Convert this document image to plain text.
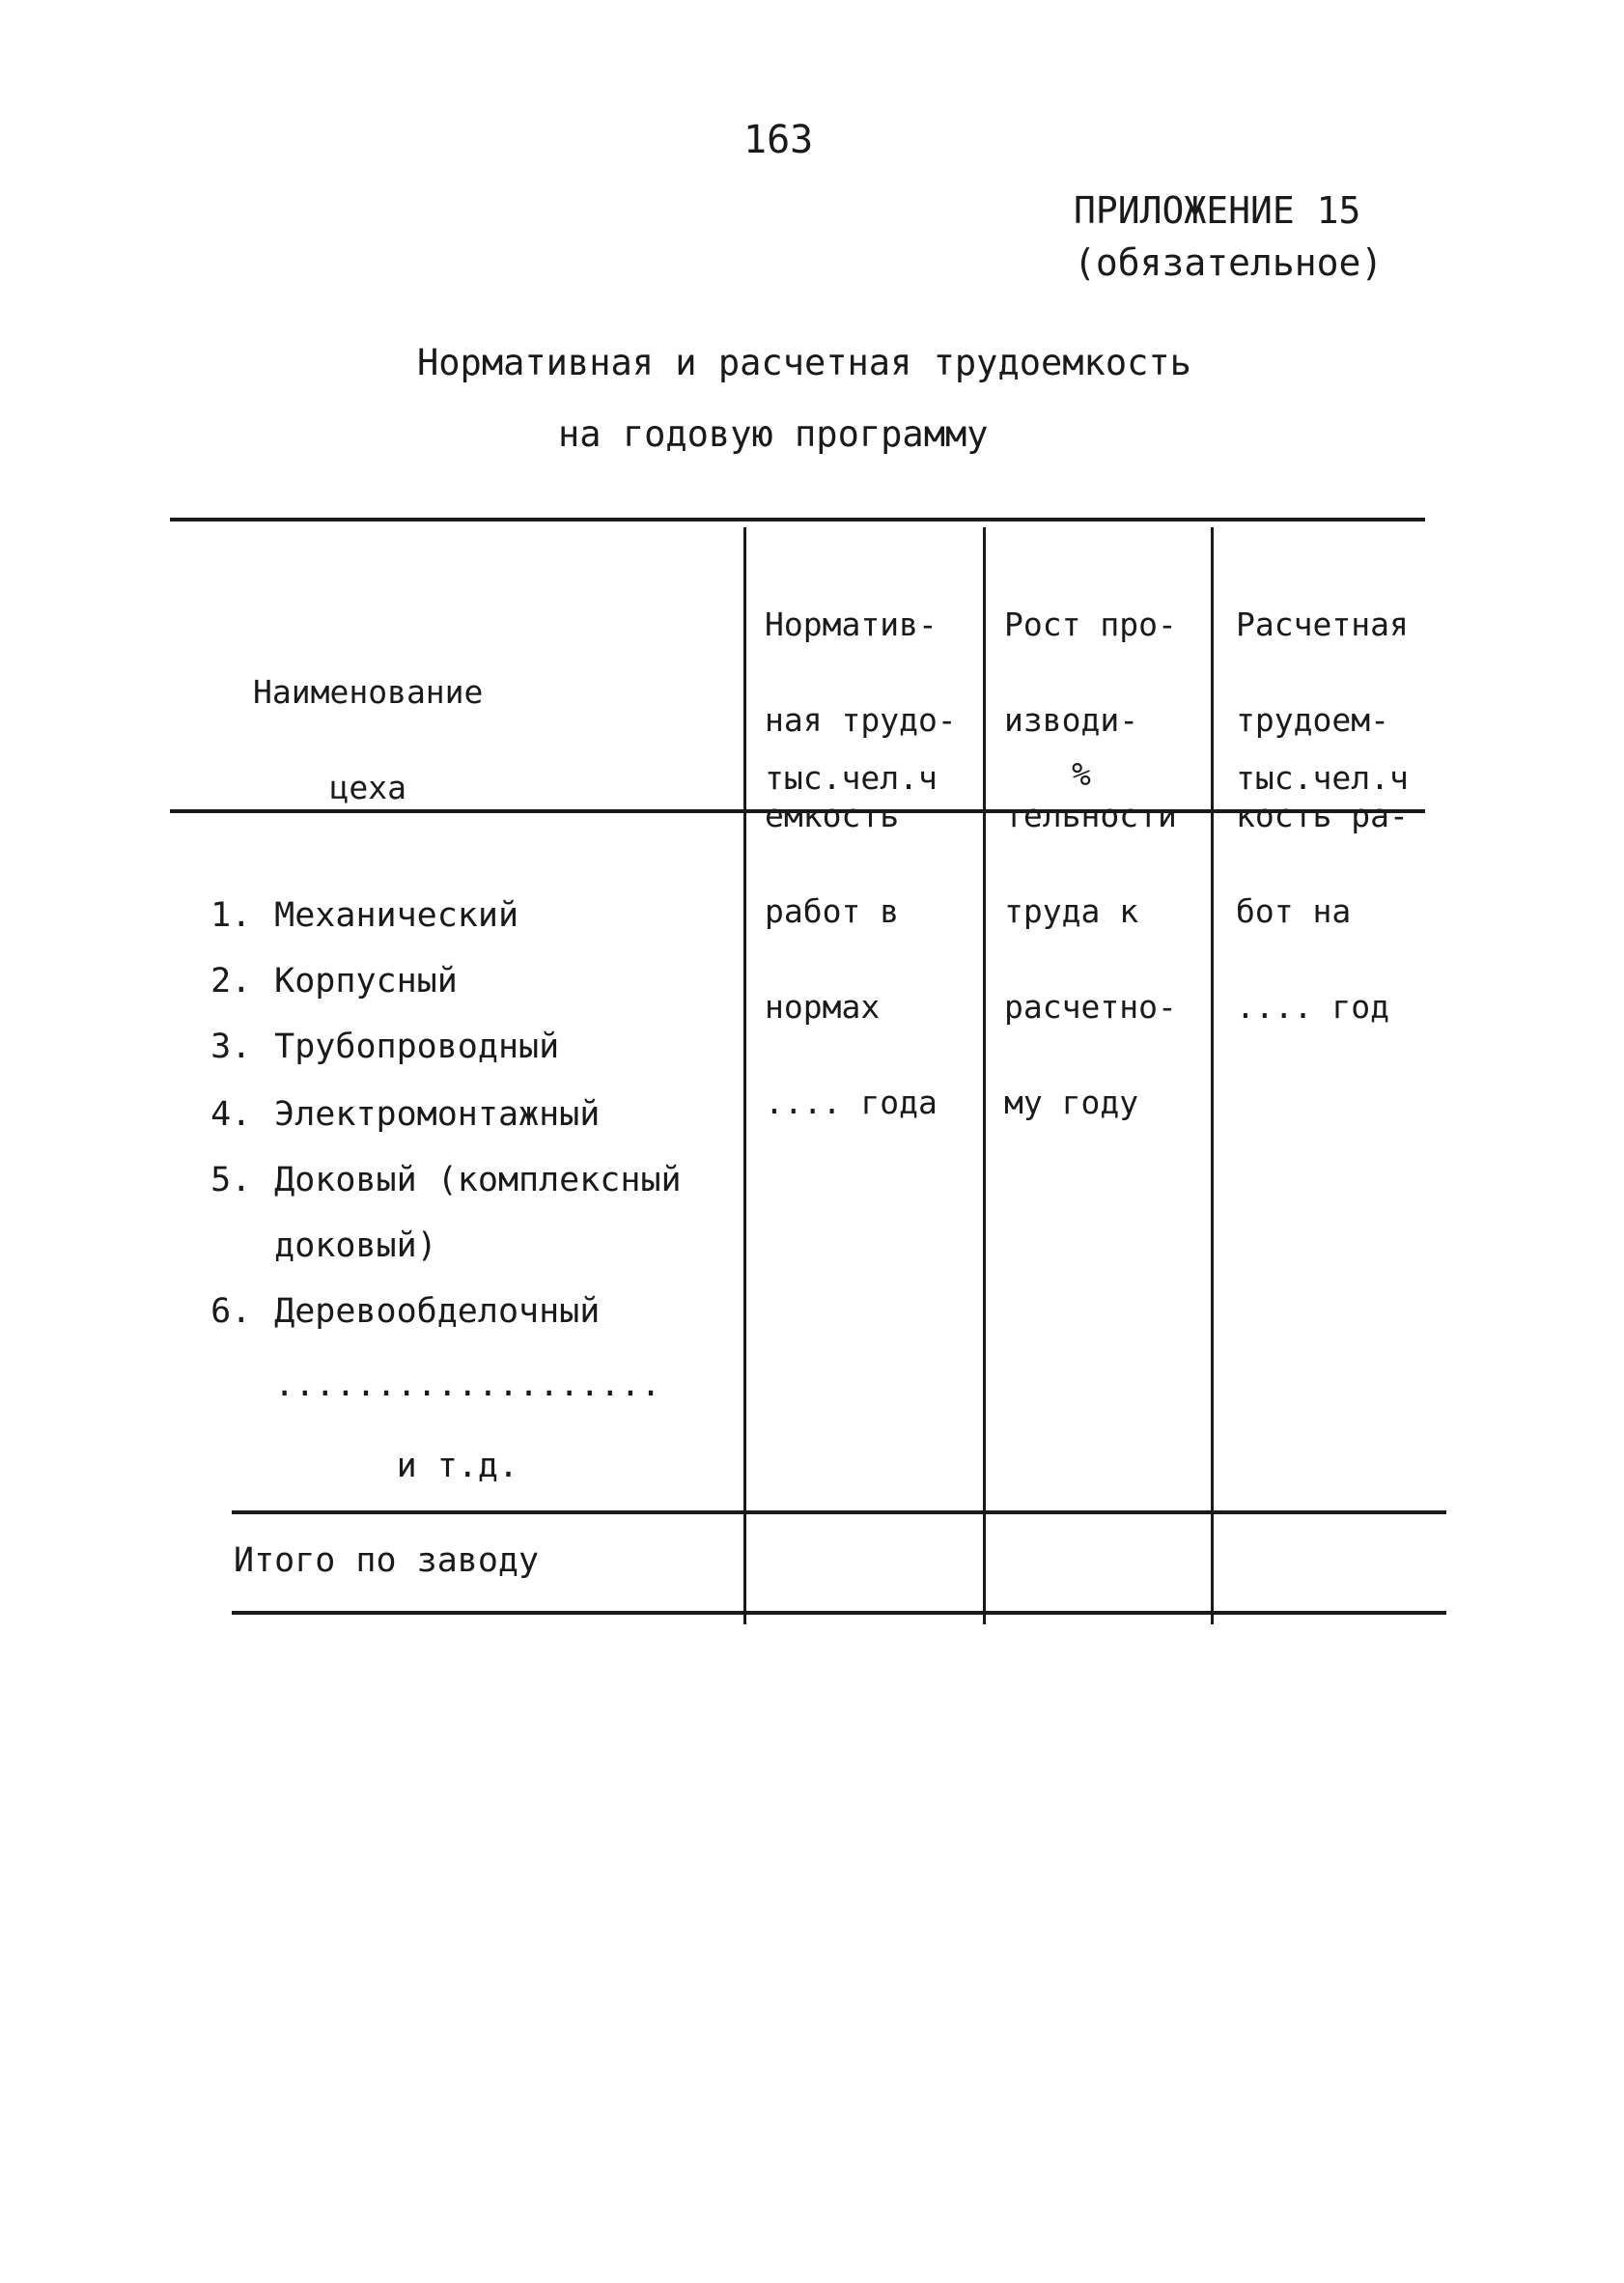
163
ПРИЛОЖЕНИЕ 15
(обязательное)
Нормативная и расчетная трудоемкость
на годовую программу

Наименование

цеха

Норматив-

ная трудо-

емкость

работ в

нормах

.... года

тыс.чел.ч

Рост про-

изводи-

тельности

труда к

расчетно-

му году

%

Расчетная

трудоем-

кость ра-

бот на

.... год

тыс.чел.ч

1. Механический

2. Корпусный

3. Трубопроводный

4. Электромонтажный

5. Доковый (комплексный

доковый)

6. Деревообделочный

...................

и т.д.

Итого по заводу
